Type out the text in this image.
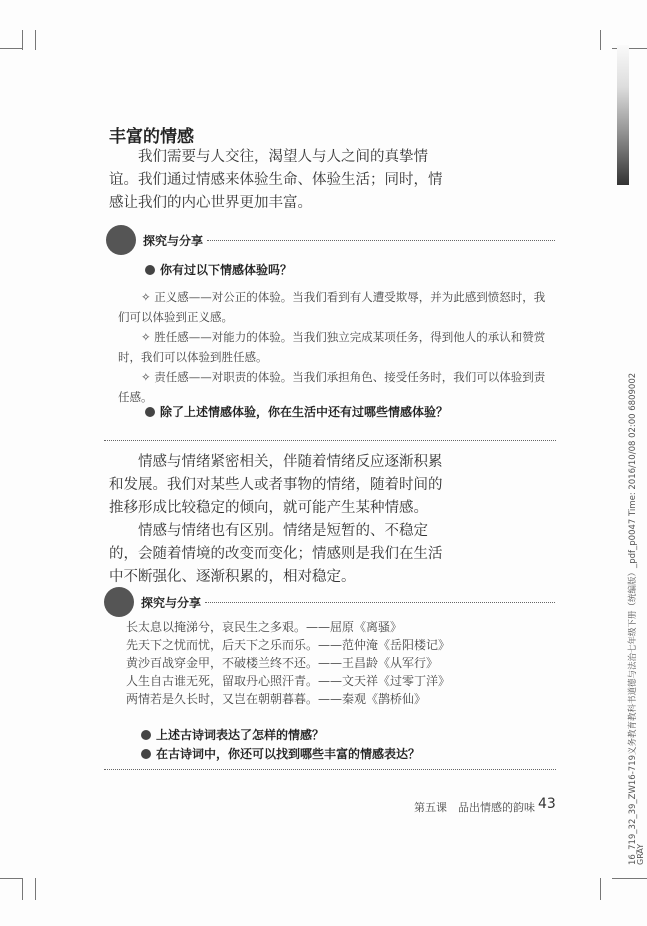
丰富的情感
我们需要与人交往，渴望人与人之间的真挚情谊。我们通过情感来体验生命、体验生活；同时，情感让我们的内心世界更加丰富。
探究与分享
你有过以下情感体验吗？
✧ 正义感——对公正的体验。当我们看到有人遭受欺辱，并为此感到愤怒时，我们可以体验到正义感。
✧ 胜任感——对能力的体验。当我们独立完成某项任务，得到他人的承认和赞赏时，我们可以体验到胜任感。
✧ 责任感——对职责的体验。当我们承担角色、接受任务时，我们可以体验到责任感。
除了上述情感体验，你在生活中还有过哪些情感体验？
情感与情绪紧密相关，伴随着情绪反应逐渐积累和发展。我们对某些人或者事物的情绪，随着时间的推移形成比较稳定的倾向，就可能产生某种情感。
情感与情绪也有区别。情绪是短暂的、不稳定的，会随着情境的改变而变化；情感则是我们在生活中不断强化、逐渐积累的，相对稳定。
探究与分享
长太息以掩涕兮，哀民生之多艰。——屈原《离骚》
先天下之忧而忧，后天下之乐而乐。——范仲淹《岳阳楼记》
黄沙百战穿金甲，不破楼兰终不还。——王昌龄《从军行》
人生自古谁无死，留取丹心照汗青。——文天祥《过零丁洋》
两情若是久长时，又岂在朝朝暮暮。——秦观《鹊桥仙》
上述古诗词表达了怎样的情感？
在古诗词中，你还可以找到哪些丰富的情感表达？
第五课　品出情感的韵味 43	16_719_32_39_ZW16-719义务教育教科书道德与法治七年级下册（统编版）_pdf_p0047 Time: 2016/10/08 02:00 6809002
GRAY
